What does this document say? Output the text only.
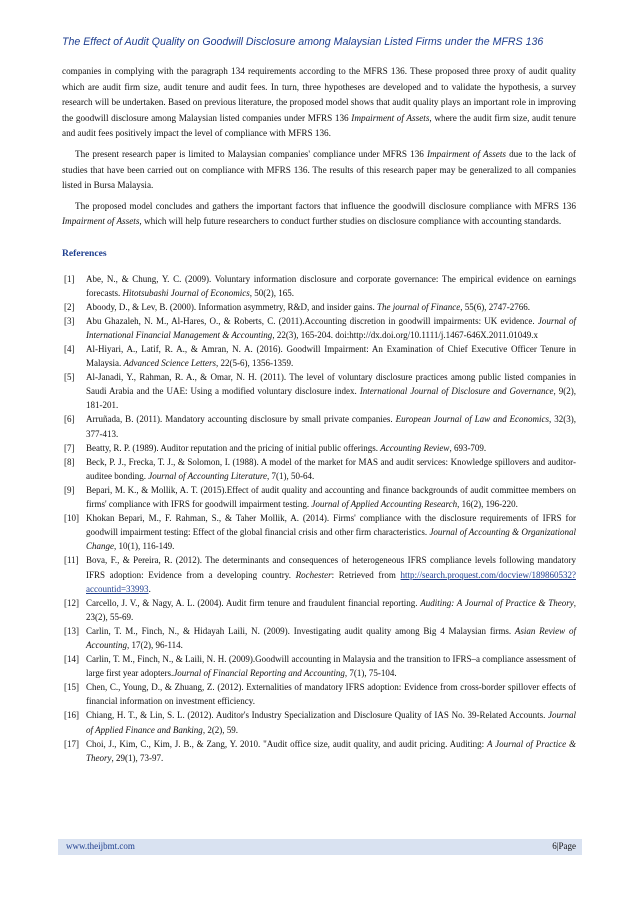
The Effect of Audit Quality on Goodwill Disclosure among Malaysian Listed Firms under the MFRS 136

companies in complying with the paragraph 134 requirements according to the MFRS 136. These proposed three proxy of audit quality which are audit firm size, audit tenure and audit fees. In turn, three hypotheses are developed and to validate the hypothesis, a survey research will be undertaken. Based on previous literature, the proposed model shows that audit quality plays an important role in improving the goodwill disclosure among Malaysian listed companies under MFRS 136 Impairment of Assets, where the audit firm size, audit tenure and audit fees positively impact the level of compliance with MFRS 136.

The present research paper is limited to Malaysian companies' compliance under MFRS 136 Impairment of Assets due to the lack of studies that have been carried out on compliance with MFRS 136. The results of this research paper may be generalized to all companies listed in Bursa Malaysia.

The proposed model concludes and gathers the important factors that influence the goodwill disclosure compliance with MFRS 136 Impairment of Assets, which will help future researchers to conduct further studies on disclosure compliance with accounting standards.

References
[1] Abe, N., & Chung, Y. C. (2009). Voluntary information disclosure and corporate governance: The empirical evidence on earnings forecasts. Hitotsubashi Journal of Economics, 50(2), 165.
[2] Aboody, D., & Lev, B. (2000). Information asymmetry, R&D, and insider gains. The journal of Finance, 55(6), 2747-2766.
[3] Abu Ghazaleh, N. M., Al-Hares, O., & Roberts, C. (2011).Accounting discretion in goodwill impairments: UK evidence. Journal of International Financial Management & Accounting, 22(3), 165-204. doi:http://dx.doi.org/10.1111/j.1467-646X.2011.01049.x
[4] Al-Hiyari, A., Latif, R. A., & Amran, N. A. (2016). Goodwill Impairment: An Examination of Chief Executive Officer Tenure in Malaysia. Advanced Science Letters, 22(5-6), 1356-1359.
[5] Al-Janadi, Y., Rahman, R. A., & Omar, N. H. (2011). The level of voluntary disclosure practices among public listed companies in Saudi Arabia and the UAE: Using a modified voluntary disclosure index. International Journal of Disclosure and Governance, 9(2), 181-201.
[6] Arruñada, B. (2011). Mandatory accounting disclosure by small private companies. European Journal of Law and Economics, 32(3), 377-413.
[7] Beatty, R. P. (1989). Auditor reputation and the pricing of initial public offerings. Accounting Review, 693-709.
[8] Beck, P. J., Frecka, T. J., & Solomon, I. (1988). A model of the market for MAS and audit services: Knowledge spillovers and auditor-auditee bonding. Journal of Accounting Literature, 7(1), 50-64.
[9] Bepari, M. K., & Mollik, A. T. (2015).Effect of audit quality and accounting and finance backgrounds of audit committee members on firms' compliance with IFRS for goodwill impairment testing. Journal of Applied Accounting Research, 16(2), 196-220.
[10] Khokan Bepari, M., F. Rahman, S., & Taher Mollik, A. (2014). Firms' compliance with the disclosure requirements of IFRS for goodwill impairment testing: Effect of the global financial crisis and other firm characteristics. Journal of Accounting & Organizational Change, 10(1), 116-149.
[11] Bova, F., & Pereira, R. (2012). The determinants and consequences of heterogeneous IFRS compliance levels following mandatory IFRS adoption: Evidence from a developing country. Rochester: Retrieved from http://search.proquest.com/docview/189860532?accountid=33993.
[12] Carcello, J. V., & Nagy, A. L. (2004). Audit firm tenure and fraudulent financial reporting. Auditing: A Journal of Practice & Theory, 23(2), 55-69.
[13] Carlin, T. M., Finch, N., & Hidayah Laili, N. (2009). Investigating audit quality among Big 4 Malaysian firms. Asian Review of Accounting, 17(2), 96-114.
[14] Carlin, T. M., Finch, N., & Laili, N. H. (2009).Goodwill accounting in Malaysia and the transition to IFRS–a compliance assessment of large first year adopters.Journal of Financial Reporting and Accounting, 7(1), 75-104.
[15] Chen, C., Young, D., & Zhuang, Z. (2012). Externalities of mandatory IFRS adoption: Evidence from cross-border spillover effects of financial information on investment efficiency.
[16] Chiang, H. T., & Lin, S. L. (2012). Auditor's Industry Specialization and Disclosure Quality of IAS No. 39-Related Accounts. Journal of Applied Finance and Banking, 2(2), 59.
[17] Choi, J., Kim, C., Kim, J. B., & Zang, Y. 2010. "Audit office size, audit quality, and audit pricing. Auditing: A Journal of Practice & Theory, 29(1), 73-97.
www.theijbmt.com	6|Page
